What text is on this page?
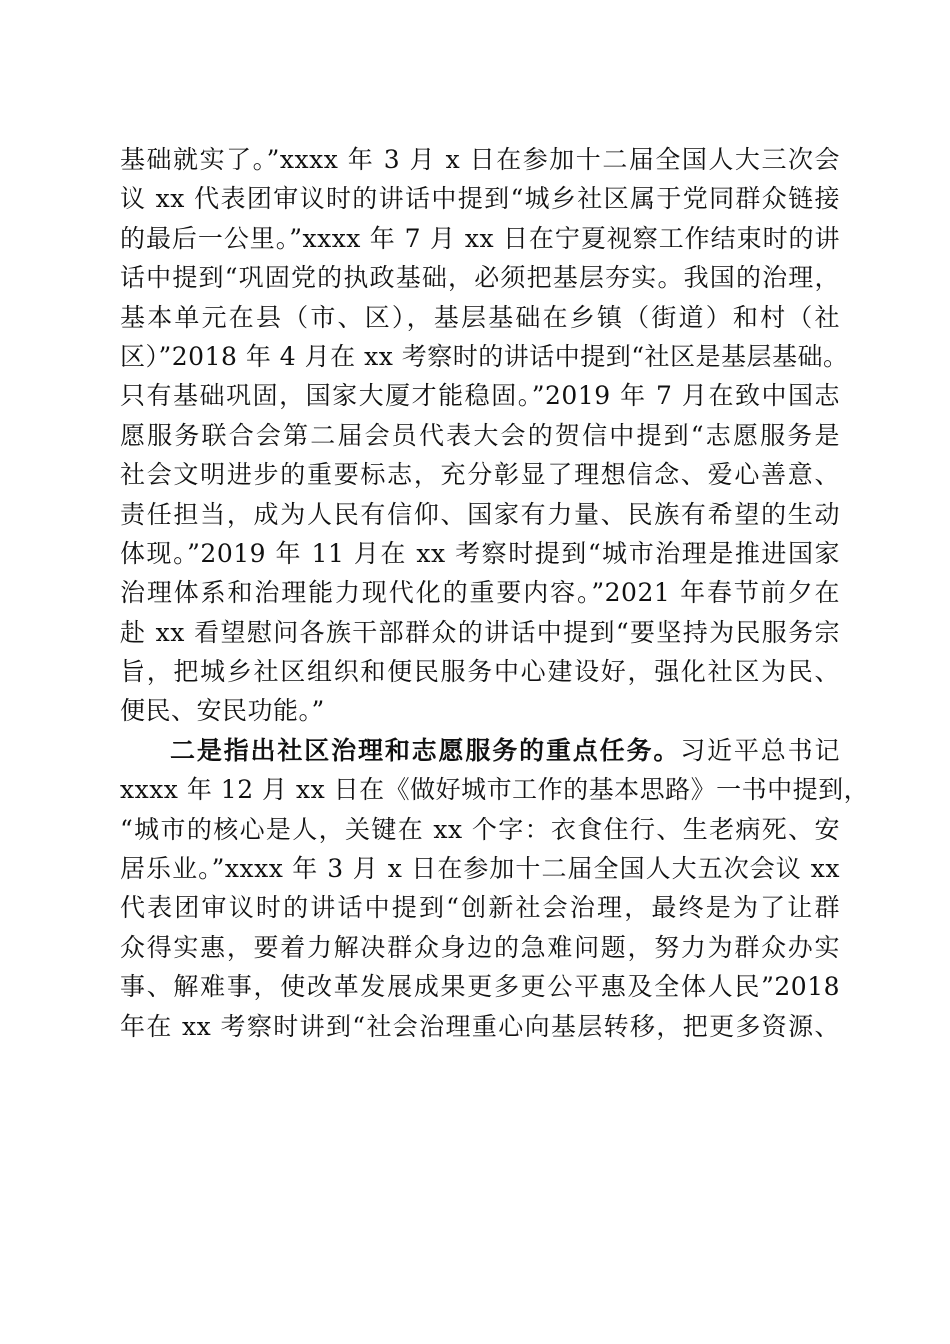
基础就实了。”xxxx 年 3 月 x 日在参加十二届全国人大三次会
议 xx 代表团审议时的讲话中提到“城乡社区属于党同群众链接
的最后一公里。”xxxx 年 7 月 xx 日在宁夏视察工作结束时的讲
话中提到“巩固党的执政基础，必须把基层夯实。我国的治理，
基本单元在县（市、区），基层基础在乡镇（街道）和村（社
区）”2018 年 4 月在 xx 考察时的讲话中提到“社区是基层基础。
只有基础巩固，国家大厦才能稳固。”2019 年 7 月在致中国志
愿服务联合会第二届会员代表大会的贺信中提到“志愿服务是
社会文明进步的重要标志，充分彰显了理想信念、爱心善意、
责任担当，成为人民有信仰、国家有力量、民族有希望的生动
体现。”2019 年 11 月在 xx 考察时提到“城市治理是推进国家
治理体系和治理能力现代化的重要内容。”2021 年春节前夕在
赴 xx 看望慰问各族干部群众的讲话中提到“要坚持为民服务宗
旨，把城乡社区组织和便民服务中心建设好，强化社区为民、
便民、安民功能。”
二是指出社区治理和志愿服务的重点任务。习近平总书记
xxxx 年 12 月 xx 日在《做好城市工作的基本思路》一书中提到，
“城市的核心是人，关键在 xx 个字：衣食住行、生老病死、安
居乐业。”xxxx 年 3 月 x 日在参加十二届全国人大五次会议 xx
代表团审议时的讲话中提到“创新社会治理，最终是为了让群
众得实惠，要着力解决群众身边的急难问题，努力为群众办实
事、解难事，使改革发展成果更多更公平惠及全体人民”2018
年在 xx 考察时讲到“社会治理重心向基层转移，把更多资源、
